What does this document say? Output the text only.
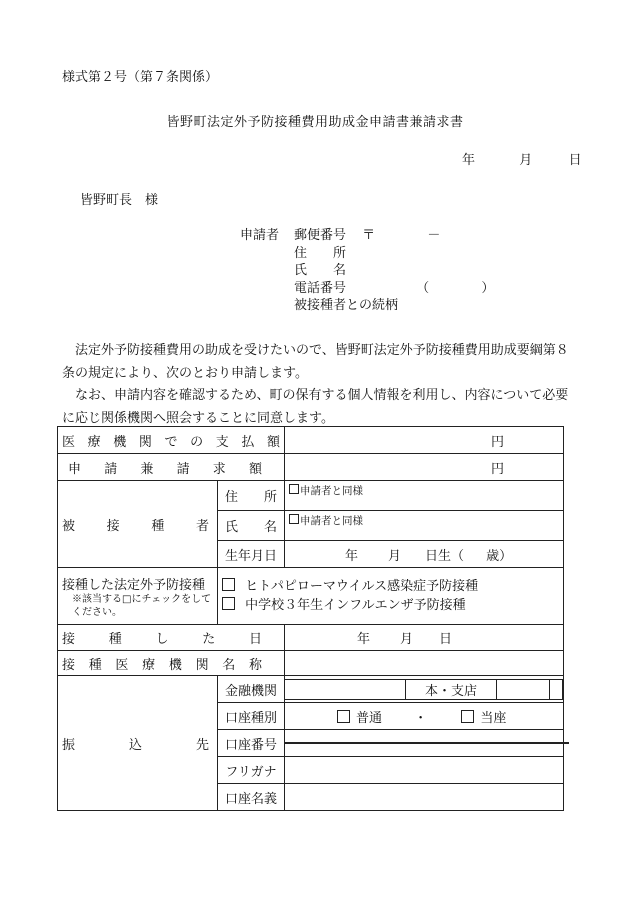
様式第２号（第７条関係）
皆野町法定外予防接種費用助成金申請書兼請求書
年	月	日
皆野町長　様
申請者 郵便番号 〒	－
住　　所
氏　　名
電話番号	（	）
被接種者との続柄
法定外予防接種費用の助成を受けたいので、皆野町法定外予防接種費用助成要綱第８条の規定により、次のとおり申請します。
なお、申請内容を確認するため、町の保有する個人情報を利用し、内容について必要に応じ関係機関へ照会することに同意します。
医療機関での支払額	円

申請兼請求額	円

被　　接　　種　　者
	住　　所	申請者と同様
氏　　名	申請者と同様
生年月日	年 月 日生（ 歳）

接種した法定外予防接種
※該当する□にチェックをしてください。

ヒトパピローマウイルス感染症予防接種
中学校３年生インフルエンザ予防接種

接種した日	年 月 日

接種医療機関名称

振　　込　　先
	金融機関	
		本・支店		

口座種別	普通 ・	当座

口座番号	

フリガナ	
口座名義	
